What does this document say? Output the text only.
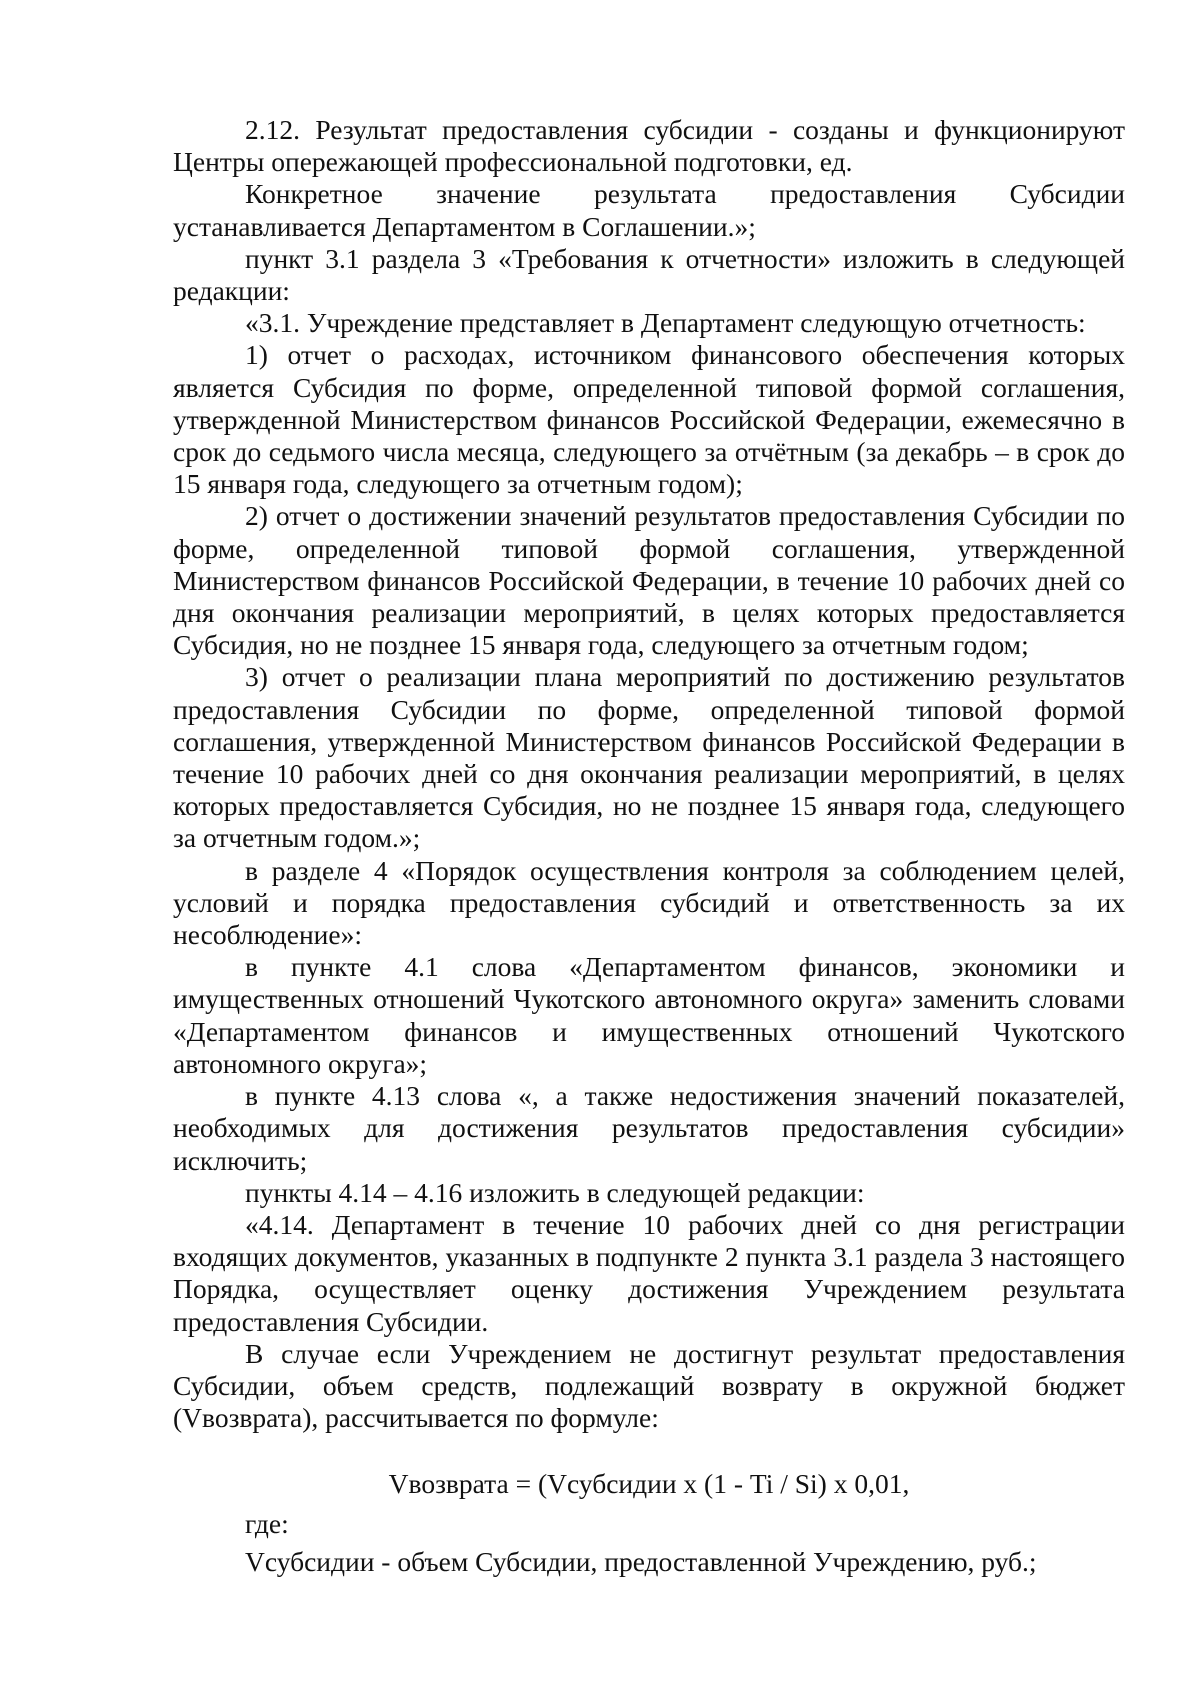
2.12. Результат предоставления субсидии - созданы и функционируют Центры опережающей профессиональной подготовки, ед.

Конкретное значение результата предоставления Субсидии устанавливается Департаментом в Соглашении.»;

пункт 3.1 раздела 3 «Требования к отчетности» изложить в следующей редакции:

«3.1. Учреждение представляет в Департамент следующую отчетность:

1) отчет о расходах, источником финансового обеспечения которых является Субсидия по форме, определенной типовой формой соглашения, утвержденной Министерством финансов Российской Федерации, ежемесячно в срок до седьмого числа месяца, следующего за отчётным (за декабрь – в срок до 15 января года, следующего за отчетным годом);

2) отчет о достижении значений результатов предоставления Субсидии по форме, определенной типовой формой соглашения, утвержденной Министерством финансов Российской Федерации, в течение 10 рабочих дней со дня окончания реализации мероприятий, в целях которых предоставляется Субсидия, но не позднее 15 января года, следующего за отчетным годом;

3) отчет о реализации плана мероприятий по достижению результатов предоставления Субсидии по форме, определенной типовой формой соглашения, утвержденной Министерством финансов Российской Федерации в течение 10 рабочих дней со дня окончания реализации мероприятий, в целях которых предоставляется Субсидия, но не позднее 15 января года, следующего за отчетным годом.»;

в разделе 4 «Порядок осуществления контроля за соблюдением целей, условий и порядка предоставления субсидий и ответственность за их несоблюдение»:

в пункте 4.1 слова «Департаментом финансов, экономики и имущественных отношений Чукотского автономного округа» заменить словами «Департаментом финансов и имущественных отношений Чукотского автономного округа»;

в пункте 4.13 слова «, а также недостижения значений показателей, необходимых для достижения результатов предоставления субсидии» исключить;

пункты 4.14 – 4.16 изложить в следующей редакции:

«4.14. Департамент в течение 10 рабочих дней со дня регистрации входящих документов, указанных в подпункте 2 пункта 3.1 раздела 3 настоящего Порядка, осуществляет оценку достижения Учреждением результата предоставления Субсидии.

В случае если Учреждением не достигнут результат предоставления Субсидии, объем средств, подлежащий возврату в окружной бюджет (Vвозврата), рассчитывается по формуле:

Vвозврата = (Vсубсидии х (1 - Ti / Si) х 0,01,

где:

Vсубсидии - объем Субсидии, предоставленной Учреждению, руб.;
